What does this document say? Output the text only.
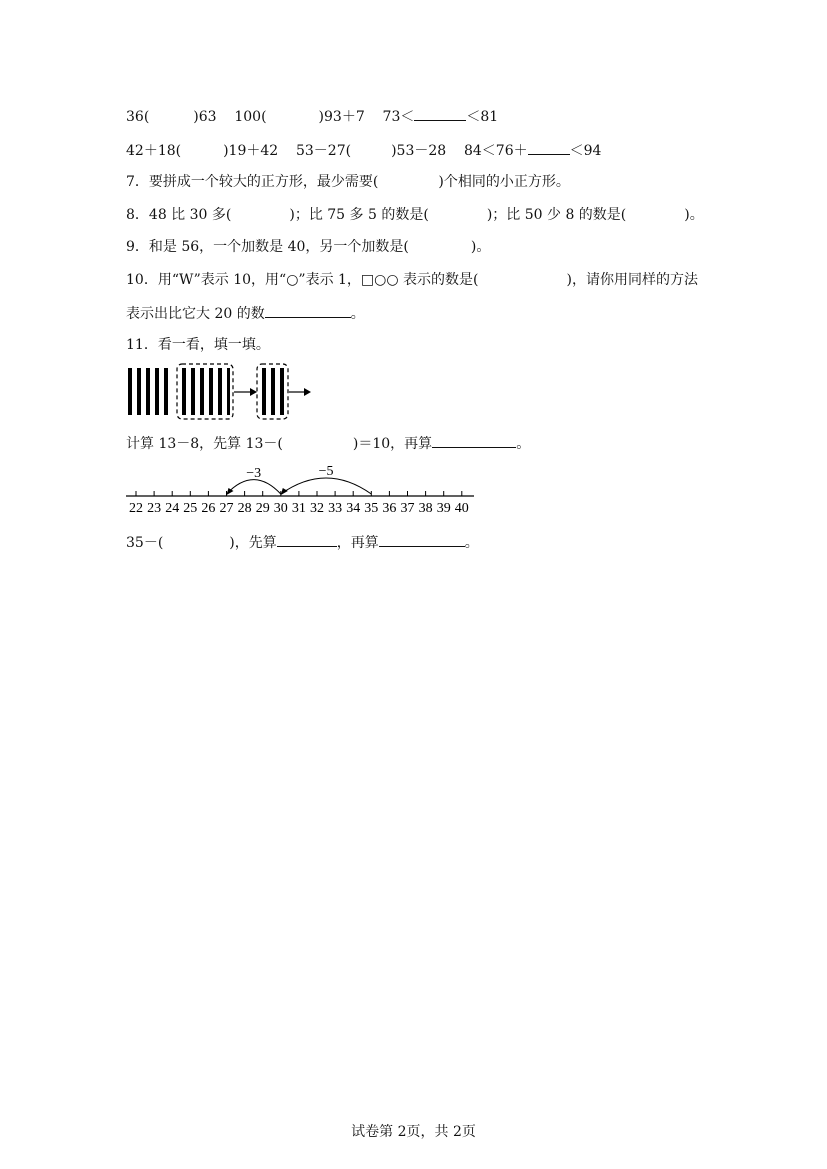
36(	)63    100(	)93＋7    73＜	＜81
42＋18(	)19＋42    53－27(	)53－28    84＜76＋	＜94
7．要拼成一个较大的正方形，最少需要(	)个相同的小正方形。
8．48 比 30 多(	)；比 75 多 5 的数是(	)；比 50 少 8 的数是(	)。
9．和是 56，一个加数是 40，另一个加数是(	)。
10．用“W”表示 10，用“○”表示 1，□○○ 表示的数是(	)，请你用同样的方法
表示出比它大 20 的数	。
11．看一看，填一填。
计算 13－8，先算 13－(	)＝10，再算	。
22 23 24 25 26 27 28 29 30 31 32 33 34 35 36 37 38 39 40
−5
−3
35－(	)，先算	，再算	。
试卷第 2页，共 2页
